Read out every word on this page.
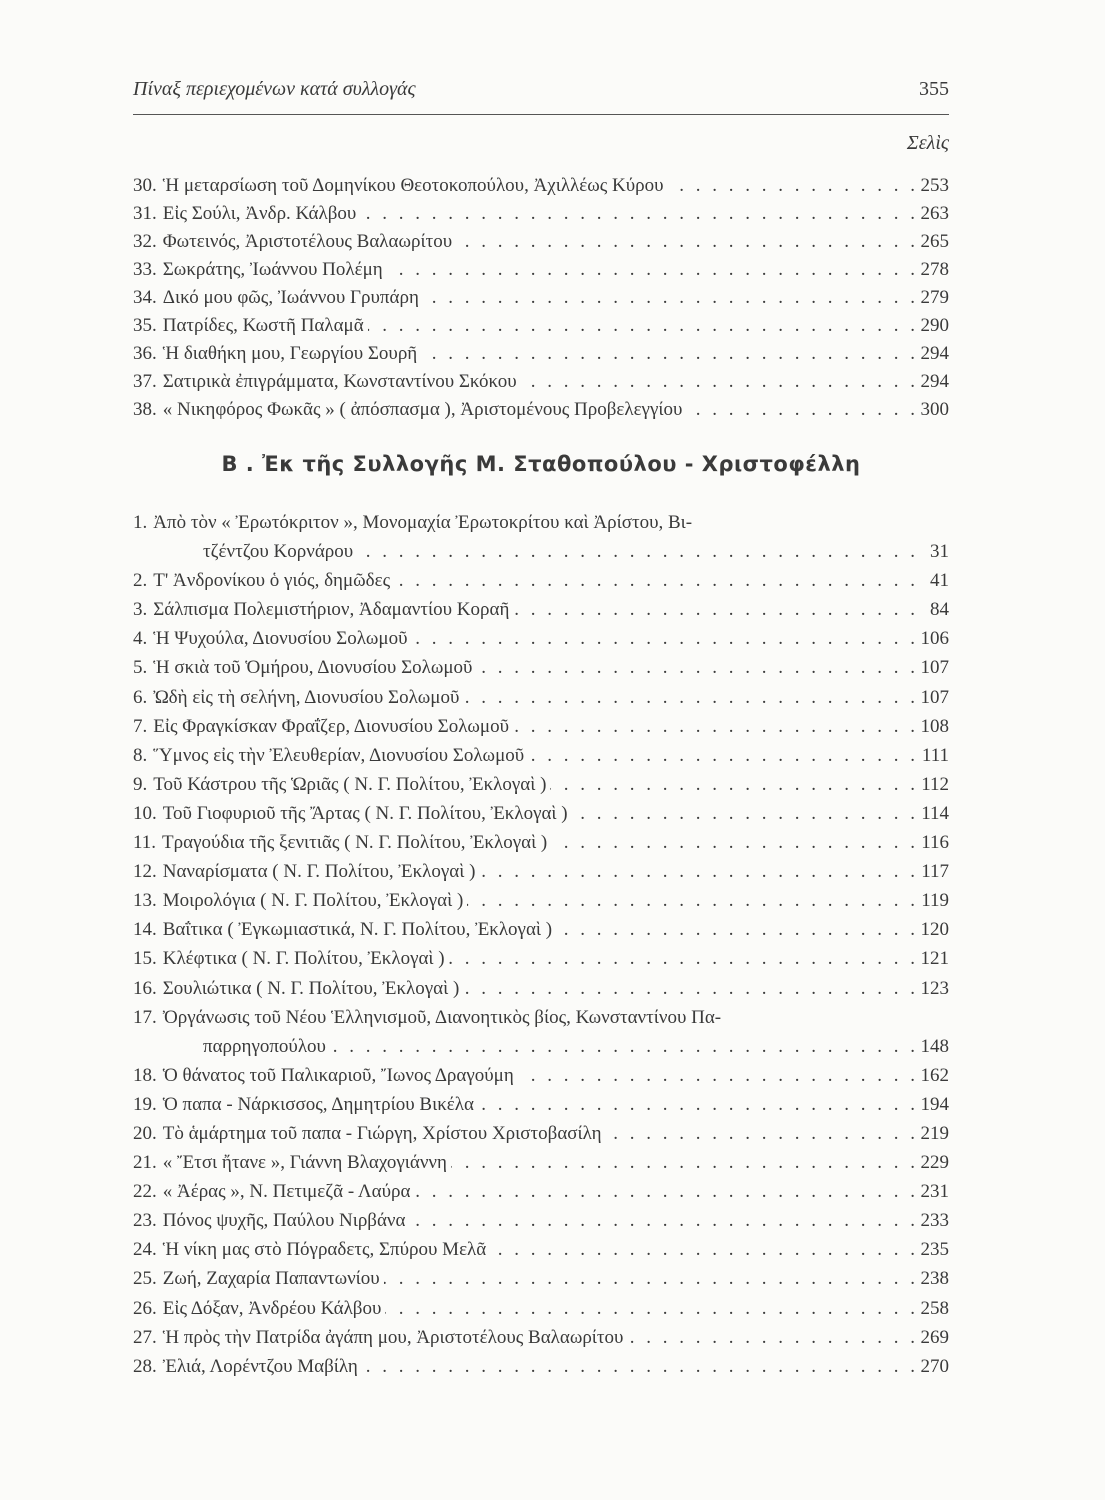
Πίναξ περιεχομένων κατά συλλογάς	355
Σελὶς
30. Ἡ μεταρσίωση τοῦ Δομηνίκου Θεοτοκοπούλου, Ἀχιλλέως Κύρου . . .	253
31. Εἰς Σούλι, Ἀνδρ. Κάλβου . . .	263
32. Φωτεινός, Ἀριστοτέλους Βαλαωρίτου . . .	265
33. Σωκράτης, Ἰωάννου Πολέμη . . .	278
34. Δικό μου φῶς, Ἰωάννου Γρυπάρη . . .	279
35. Πατρίδες, Κωστῆ Παλαμᾶ . . .	290
36. Ἡ διαθήκη μου, Γεωργίου Σουρῆ . . .	294
37. Σατιρικὰ ἐπιγράμματα, Κωνσταντίνου Σκόκου . . .	294
38. « Νικηφόρος Φωκᾶς » ( ἀπόσπασμα ), Ἀριστομένους Προβελεγγίου . . .	300
Β . Ἐκ τῆς Συλλογῆς Μ. Σταθοπούλου - Χριστοφέλλη
1. Ἀπὸ τὸν « Ἐρωτόκριτον », Μονομαχία Ἐρωτοκρίτου καὶ Ἀρίστου, Βι-
τζέντζου Κορνάρου . . .	31
2. Τ' Ἀνδρονίκου ὁ γιός, δημῶδες . . .	41
3. Σάλπισμα Πολεμιστήριον, Ἀδαμαντίου Κοραῆ . . .	84
4. Ἡ Ψυχούλα, Διονυσίου Σολωμοῦ . . .	106
5. Ἡ σκιὰ τοῦ Ὁμήρου, Διονυσίου Σολωμοῦ . . .	107
6. Ὠδὴ εἰς τὴ σελήνη, Διονυσίου Σολωμοῦ . . .	107
7. Εἰς Φραγκίσκαν Φραΐζερ, Διονυσίου Σολωμοῦ . . .	108
8. Ὕμνος εἰς τὴν Ἐλευθερίαν, Διονυσίου Σολωμοῦ . . .	111
9. Τοῦ Κάστρου τῆς Ὡριᾶς ( Ν. Γ. Πολίτου, Ἐκλογαὶ ) . . .	112
10. Τοῦ Γιοφυριοῦ τῆς Ἄρτας ( Ν. Γ. Πολίτου, Ἐκλογαὶ ) . . .	114
11. Τραγούδια τῆς ξενιτιᾶς ( Ν. Γ. Πολίτου, Ἐκλογαὶ ) . . .	116
12. Ναναρίσματα ( Ν. Γ. Πολίτου, Ἐκλογαὶ ) . . .	117
13. Μοιρολόγια ( Ν. Γ. Πολίτου, Ἐκλογαὶ ) . . .	119
14. Βαΐτικα ( Ἐγκωμιαστικά, Ν. Γ. Πολίτου, Ἐκλογαὶ ) . . .	120
15. Κλέφτικα ( Ν. Γ. Πολίτου, Ἐκλογαὶ ) . . .	121
16. Σουλιώτικα ( Ν. Γ. Πολίτου, Ἐκλογαὶ ) . . .	123
17. Ὀργάνωσις τοῦ Νέου Ἑλληνισμοῦ, Διανοητικὸς βίος, Κωνσταντίνου Πα-
παρρηγοπούλου . . .	148
18. Ὁ θάνατος τοῦ Παλικαριοῦ, Ἴωνος Δραγούμη . . .	162
19. Ὁ παπα - Νάρκισσος, Δημητρίου Βικέλα . . .	194
20. Τὸ ἁμάρτημα τοῦ παπα - Γιώργη, Χρίστου Χριστοβασίλη . . .	219
21. « Ἔτσι ἤτανε », Γιάννη Βλαχογιάννη . . .	229
22. « Ἀέρας », Ν. Πετιμεζᾶ - Λαύρα . . .	231
23. Πόνος ψυχῆς, Παύλου Νιρβάνα . . .	233
24. Ἡ νίκη μας στὸ Πόγραδετς, Σπύρου Μελᾶ . . .	235
25. Ζωή, Ζαχαρία Παπαντωνίου . . .	238
26. Εἰς Δόξαν, Ἀνδρέου Κάλβου . . .	258
27. Ἡ πρὸς τὴν Πατρίδα ἀγάπη μου, Ἀριστοτέλους Βαλαωρίτου . . .	269
28. Ἐλιά, Λορέντζου Μαβίλη . . .	270
